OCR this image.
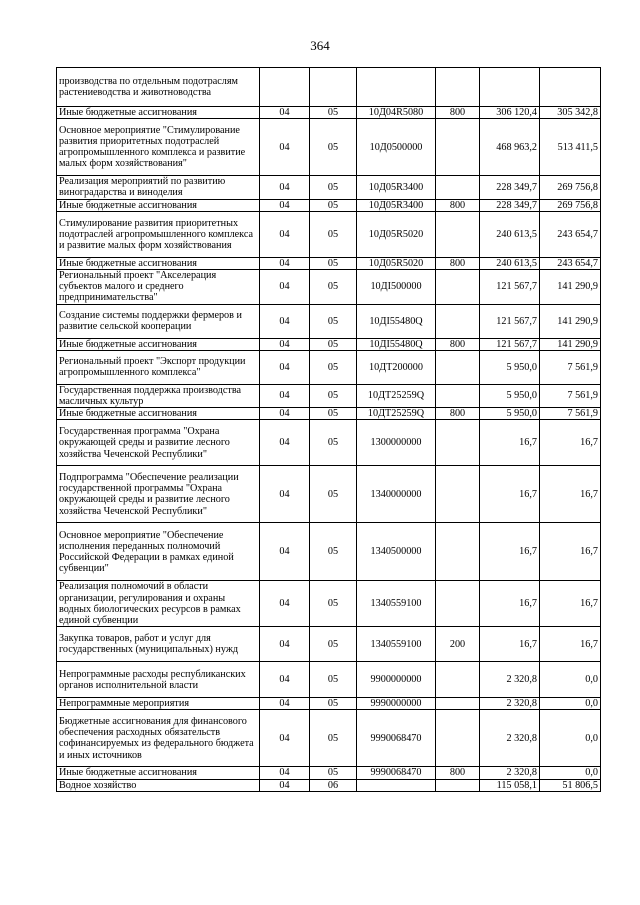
364
производства по отдельным подотраслям растениеводства и животноводства						
Иные бюджетные ассигнования	04	05	10Д04R5080	800	306 120,4	305 342,8
Основное мероприятие "Стимулирование развития приоритетных подотраслей агропромышленного комплекса и развитие малых форм хозяйствования"	04	05	10Д0500000		468 963,2	513 411,5
Реализация мероприятий по развитию виноградарства и виноделия	04	05	10Д05R3400		228 349,7	269 756,8
Иные бюджетные ассигнования	04	05	10Д05R3400	800	228 349,7	269 756,8
Стимулирование развития приоритетных подотраслей агропромышленного комплекса и развитие малых форм хозяйствования	04	05	10Д05R5020		240 613,5	243 654,7
Иные бюджетные ассигнования	04	05	10Д05R5020	800	240 613,5	243 654,7
Региональный проект "Акселерация субъектов малого и среднего предпринимательства"	04	05	10ДI500000		121 567,7	141 290,9
Создание системы поддержки фермеров и развитие сельской кооперации	04	05	10ДI55480Q		121 567,7	141 290,9
Иные бюджетные ассигнования	04	05	10ДI55480Q	800	121 567,7	141 290,9
Региональный проект "Экспорт продукции агропромышленного комплекса"	04	05	10ДТ200000		5 950,0	7 561,9
Государственная поддержка производства масличных культур	04	05	10ДТ25259Q		5 950,0	7 561,9
Иные бюджетные ассигнования	04	05	10ДТ25259Q	800	5 950,0	7 561,9
Государственная программа "Охрана окружающей среды и развитие лесного хозяйства Чеченской Республики"	04	05	1300000000		16,7	16,7
Подпрограмма "Обеспечение реализации государственной программы "Охрана окружающей среды и развитие лесного хозяйства Чеченской Республики"	04	05	1340000000		16,7	16,7
Основное мероприятие "Обеспечение исполнения переданных полномочий Российской Федерации в рамках единой субвенции"	04	05	1340500000		16,7	16,7
Реализация полномочий в области организации, регулирования и охраны водных биологических ресурсов в рамках единой субвенции	04	05	1340559100		16,7	16,7
Закупка товаров, работ и услуг для государственных (муниципальных) нужд	04	05	1340559100	200	16,7	16,7
Непрограммные расходы республиканских органов исполнительной власти	04	05	9900000000		2 320,8	0,0
Непрограммные мероприятия	04	05	9990000000		2 320,8	0,0
Бюджетные ассигнования для финансового обеспечения расходных обязательств софинансируемых из федерального бюджета и иных источников	04	05	9990068470		2 320,8	0,0
Иные бюджетные ассигнования	04	05	9990068470	800	2 320,8	0,0
Водное хозяйство	04	06			115 058,1	51 806,5
